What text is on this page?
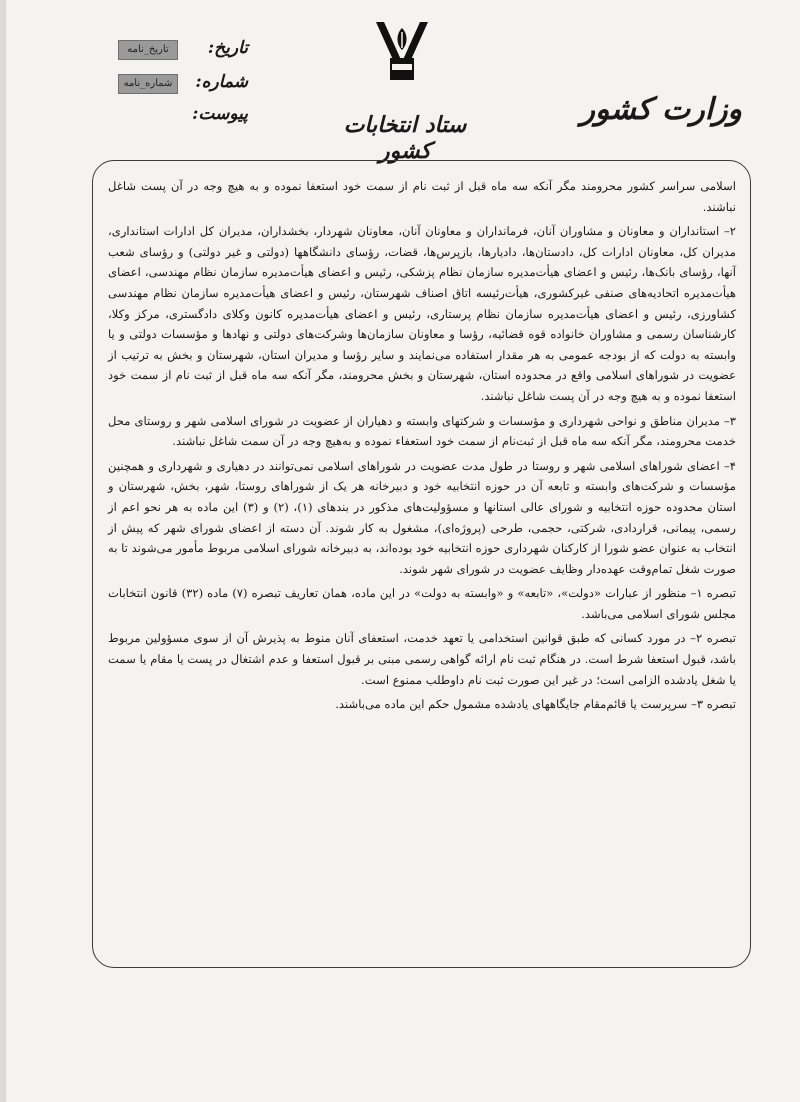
ستاد انتخابات کشور
وزارت کشور
تاریخ:
تاریخ_نامه
شماره:
شماره_نامه
پیوست:

اسلامی سراسر کشور محرومند مگر آنکه سه ماه قبل از ثبت نام از سمت خود استعفا نموده و به هیچ وجه در آن پست شاغل نباشند.

۲– استانداران و معاونان و مشاوران آنان، فرمانداران و معاونان آنان، معاونان شهردار، بخشداران، مدیران کل ادارات استانداری، مدیران کل، معاونان ادارات کل، دادستان‌ها، دادیارها، بازپرس‌ها، قضات، رؤسای دانشگاهها (دولتی و غیر دولتی) و رؤسای شعب آنها، رؤسای بانک‌ها، رئیس و اعضای هیأت‌مدیره سازمان نظام پزشکی، رئیس و اعضای هیأت‌مدیره سازمان نظام مهندسی، اعضای هیأت‌مدیره اتحادیه‌های صنفی غیرکشوری، هیأت‌رئیسه اتاق اصناف شهرستان، رئیس و اعضای هیأت‌مدیره سازمان نظام مهندسی کشاورزی، رئیس و اعضای هیأت‌مدیره سازمان نظام پرستاری، رئیس و اعضای هیأت‌مدیره کانون وکلای دادگستری، مرکز وکلا، کارشناسان رسمی و مشاوران خانواده قوه قضائیه، رؤسا و معاونان سازمان‌ها وشرکت‌های دولتی و نهادها و مؤسسات دولتی و یا وابسته به دولت که از بودجه عمومی به هر مقدار استفاده می‌نمایند و سایر رؤسا و مدیران استان، شهرستان و بخش به ترتیب از عضویت در شوراهای اسلامی واقع در محدوده استان، شهرستان و بخش محرومند، مگر آنکه سه ماه قبل از ثبت نام از سمت خود استعفا نموده و به هیچ وجه در آن پست شاغل نباشند.

۳– مدیران مناطق و نواحی شهرداری و مؤسسات و شرکتهای وابسته و دهیاران از عضویت در شورای اسلامی شهر و روستای محل خدمت محرومند، مگر آنکه سه ماه قبل از ثبت‌نام از سمت خود استعفاء نموده و به‌هیچ وجه در آن سمت شاغل نباشند.

۴– اعضای شوراهای اسلامی شهر و روستا در طول مدت عضویت در شوراهای اسلامی نمی‌توانند در دهیاری و شهرداری و همچنین مؤسسات و شرکت‌های وابسته و تابعه آن در حوزه انتخابیه خود و دبیرخانه هر یک از شوراهای روستا، شهر، بخش، شهرستان و استان محدوده حوزه انتخابیه و شورای عالی استانها و مسؤولیت‌های مذکور در بندهای (۱)، (۲) و (۳) این ماده به هر نحو اعم از رسمی، پیمانی، قراردادی، شرکتی، حجمی، طرحی (پروژه‌ای)، مشغول به کار شوند. آن دسته از اعضای شورای شهر که پیش از انتخاب به عنوان عضو شورا از کارکنان شهرداری حوزه انتخابیه خود بوده‌اند، به دبیرخانه شورای اسلامی مربوط مأمور می‌شوند تا به صورت شغل تمام‌وقت عهده‌دار وظایف عضویت در شورای شهر شوند.

تبصره ۱– منظور از عبارات «دولت»، «تابعه» و «وابسته به دولت» در این ماده، همان تعاریف تبصره (۷) ماده (۳۲) قانون انتخابات مجلس شورای اسلامی می‌باشد.

تبصره ۲– در مورد کسانی که طبق قوانین استخدامی یا تعهد خدمت، استعفای آنان منوط به پذیرش آن از سوی مسؤولین مربوط باشد، قبول استعفا شرط است. در هنگام ثبت نام ارائه گواهی رسمی مبنی بر قبول استعفا و عدم اشتغال در پست یا مقام یا سمت یا شغل یادشده الزامی است؛ در غیر این صورت ثبت نام داوطلب ممنوع است.

تبصره ۳– سرپرست یا قائم‌مقام جایگاههای یادشده مشمول حکم این ماده می‌باشند.
